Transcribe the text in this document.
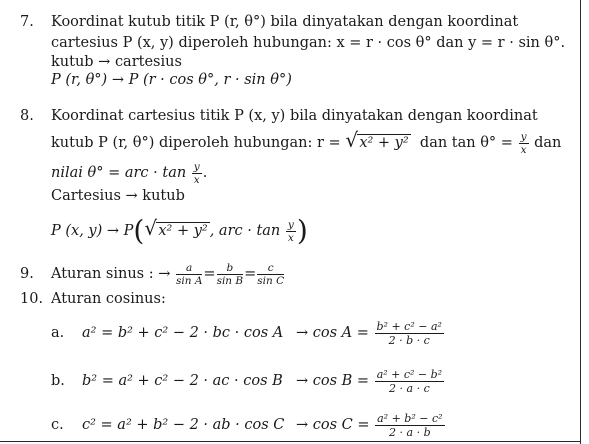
7. Koordinat kutub titik P (r, θ°) bila dinyatakan dengan koordinat
cartesius P (x, y) diperoleh hubungan: x = r · cos θ° dan y = r · sin θ°.
kutub → cartesius
P (r, θ°) → P (r · cos θ°, r · sin θ°)
8. Koordinat cartesius titik P (x, y) bila dinyatakan dengan koordinat
kutub P (r, θ°) diperoleh hubungan: r = √ x² + y² dan $\tan \theta^\circ = \frac{y}{x}$ dan
nilai θ° = arc · $\tan \frac{y}{x}$ .
Cartesius → kutub
P (x, y) → P( √ x² + y² , arc · $\tan \frac{y}{x}$ )
9. Aturan sinus : → $\frac{a}{\text{sin A}} = \frac{b}{\text{sin B}} = \frac{c}{\text{sin C}}$
10. Aturan cosinus:
a. a² = b² + c² − 2 · bc · $\cos A \to \cos A = \frac{\text{b² + c² − a²}}{2 \cdot b \cdot c}$
b. b² = a² + c² − 2 · ac · $\cos B \to \cos B = \frac{\text{a² + c² − b²}}{2 \cdot a \cdot c}$
c. c² = a² + b² − 2 · ab · $\cos C \to \cos C = \frac{\text{a² + b² − c²}}{2 \cdot a \cdot b}$
